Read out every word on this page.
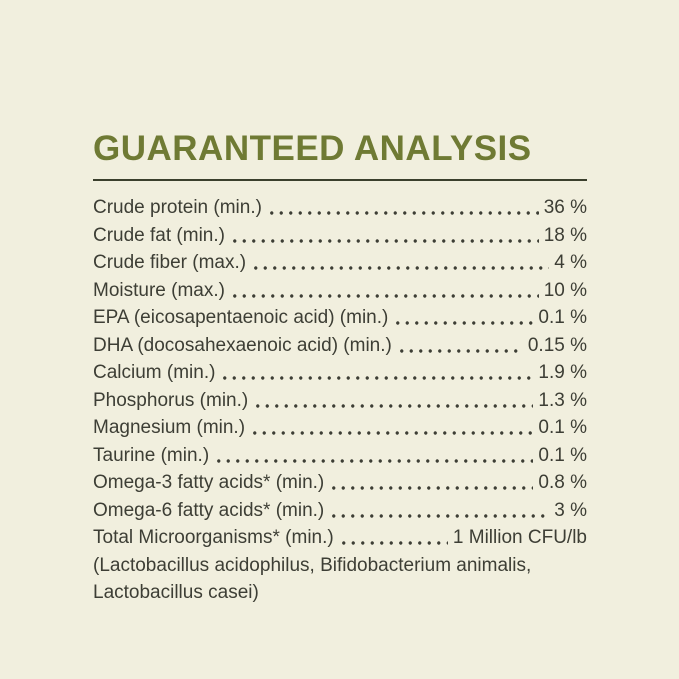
GUARANTEED ANALYSIS
Crude protein (min.)	36 %
Crude fat (min.)	18 %
Crude fiber (max.)	4 %
Moisture (max.)	10 %
EPA (eicosapentaenoic acid) (min.)	0.1 %
DHA (docosahexaenoic acid) (min.)	0.15 %
Calcium (min.)	1.9 %
Phosphorus (min.)	1.3 %
Magnesium (min.)	0.1 %
Taurine (min.)	0.1 %
Omega-3 fatty acids* (min.)	0.8 %
Omega-6 fatty acids* (min.)	3 %
Total Microorganisms* (min.)	1 Million CFU/lb
(Lactobacillus acidophilus, Bifidobacterium animalis,
Lactobacillus casei)
